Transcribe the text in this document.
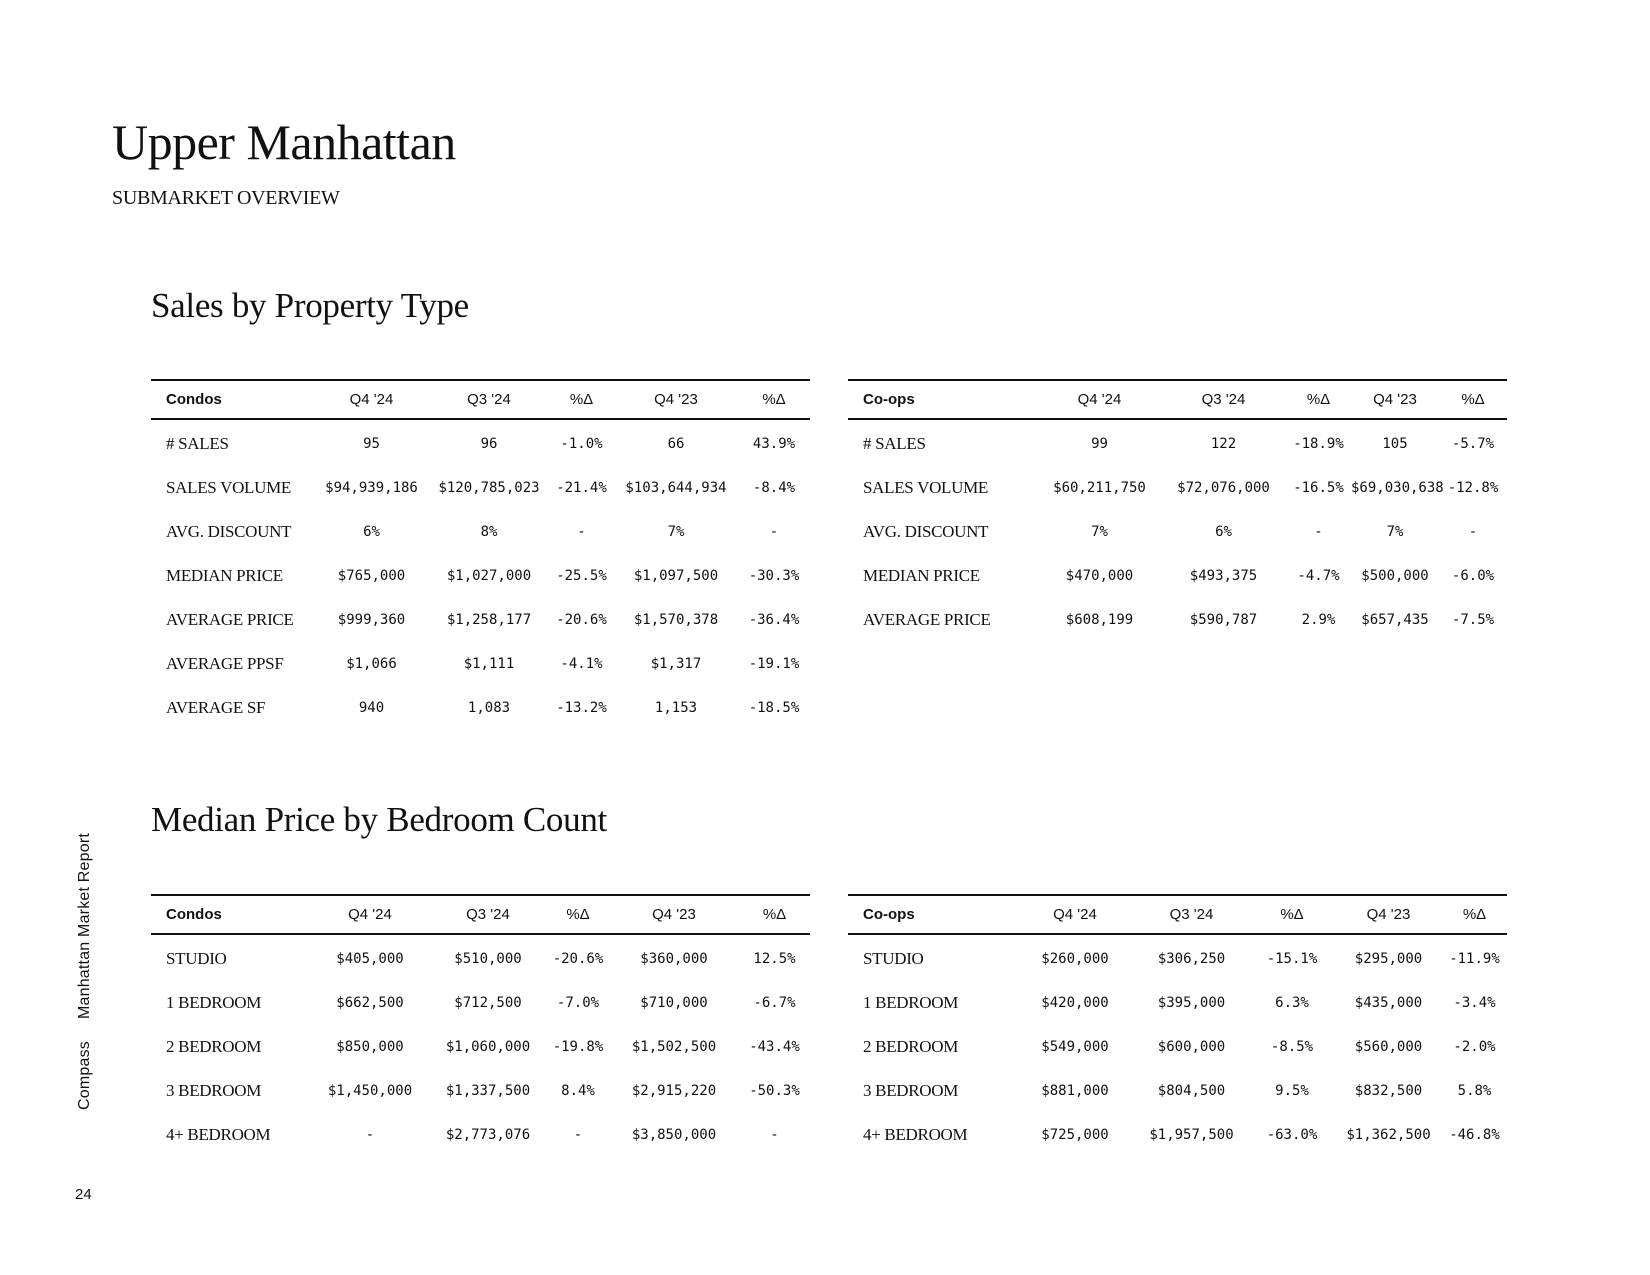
Upper Manhattan
SUBMARKET OVERVIEW
Sales by Property Type
Condos	Q4 '24	Q3 '24	%Δ	Q4 '23	%Δ
# SALES	95	96	-1.0%	66	43.9%
SALES VOLUME	$94,939,186	$120,785,023	-21.4%	$103,644,934	-8.4%
AVG. DISCOUNT	6%	8%	-	7%	-
MEDIAN PRICE	$765,000	$1,027,000	-25.5%	$1,097,500	-30.3%
AVERAGE PRICE	$999,360	$1,258,177	-20.6%	$1,570,378	-36.4%
AVERAGE PPSF	$1,066	$1,111	-4.1%	$1,317	-19.1%
AVERAGE SF	940	1,083	-13.2%	1,153	-18.5%
Co-ops	Q4 '24	Q3 '24	%Δ	Q4 '23	%Δ
# SALES	99	122	-18.9%	105	-5.7%
SALES VOLUME	$60,211,750	$72,076,000	-16.5%	$69,030,638	-12.8%
AVG. DISCOUNT	7%	6%	-	7%	-
MEDIAN PRICE	$470,000	$493,375	-4.7%	$500,000	-6.0%
AVERAGE PRICE	$608,199	$590,787	2.9%	$657,435	-7.5%
Median Price by Bedroom Count
Condos	Q4 '24	Q3 '24	%Δ	Q4 '23	%Δ
STUDIO	$405,000	$510,000	-20.6%	$360,000	12.5%
1 BEDROOM	$662,500	$712,500	-7.0%	$710,000	-6.7%
2 BEDROOM	$850,000	$1,060,000	-19.8%	$1,502,500	-43.4%
3 BEDROOM	$1,450,000	$1,337,500	8.4%	$2,915,220	-50.3%
4+ BEDROOM	-	$2,773,076	-	$3,850,000	-
Co-ops	Q4 '24	Q3 '24	%Δ	Q4 '23	%Δ
STUDIO	$260,000	$306,250	-15.1%	$295,000	-11.9%
1 BEDROOM	$420,000	$395,000	6.3%	$435,000	-3.4%
2 BEDROOM	$549,000	$600,000	-8.5%	$560,000	-2.0%
3 BEDROOM	$881,000	$804,500	9.5%	$832,500	5.8%
4+ BEDROOM	$725,000	$1,957,500	-63.0%	$1,362,500	-46.8%
CompassManhattan Market Report
24
